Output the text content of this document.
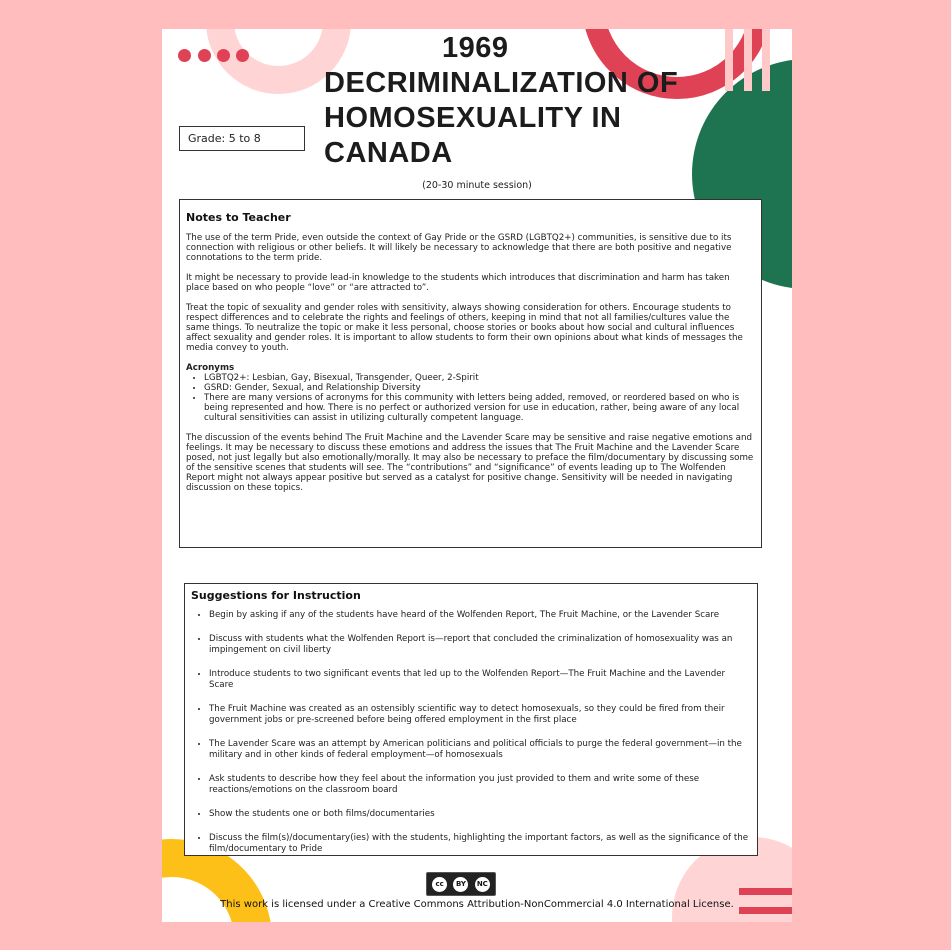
1969
DECRIMINALIZATION OF
HOMOSEXUALITY IN
CANADA
Grade: 5 to 8
(20-30 minute session)
Notes to Teacher

The use of the term Pride, even outside the context of Gay Pride or the GSRD (LGBTQ2+) communities, is sensitive due to its connection with religious or other beliefs. It will likely be necessary to acknowledge that there are both positive and negative connotations to the term pride.

It might be necessary to provide lead-in knowledge to the students which introduces that discrimination and harm has taken place based on who people “love” or “are attracted to”.

Treat the topic of sexuality and gender roles with sensitivity, always showing consideration for others. Encourage students to respect differences and to celebrate the rights and feelings of others, keeping in mind that not all families/cultures value the same things. To neutralize the topic or make it less personal, choose stories or books about how social and cultural influences affect sexuality and gender roles. It is important to allow students to form their own opinions about what kinds of messages the media convey to youth.

Acronyms
• LGBTQ2+: Lesbian, Gay, Bisexual, Transgender, Queer, 2-Spirit
• GSRD: Gender, Sexual, and Relationship Diversity
• There are many versions of acronyms for this community with letters being added, removed, or reordered based on who is being represented and how. There is no perfect or authorized version for use in education, rather, being aware of any local cultural sensitivities can assist in utilizing culturally competent language.

The discussion of the events behind The Fruit Machine and the Lavender Scare may be sensitive and raise negative emotions and feelings. It may be necessary to discuss these emotions and address the issues that The Fruit Machine and the Lavender Scare posed, not just legally but also emotionally/morally. It may also be necessary to preface the film/documentary by discussing some of the sensitive scenes that students will see. The “contributions” and “significance” of events leading up to The Wolfenden Report might not always appear positive but served as a catalyst for positive change. Sensitivity will be needed in navigating discussion on these topics.

Suggestions for Instruction
• Begin by asking if any of the students have heard of the Wolfenden Report, The Fruit Machine, or the Lavender Scare
• Discuss with students what the Wolfenden Report is—report that concluded the criminalization of homosexuality was an impingement on civil liberty
• Introduce students to two significant events that led up to the Wolfenden Report—The Fruit Machine and the Lavender Scare
• The Fruit Machine was created as an ostensibly scientific way to detect homosexuals, so they could be fired from their government jobs or pre-screened before being offered employment in the first place
• The Lavender Scare was an attempt by American politicians and political officials to purge the federal government—in the military and in other kinds of federal employment—of homosexuals
• Ask students to describe how they feel about the information you just provided to them and write some of these reactions/emotions on the classroom board
• Show the students one or both films/documentaries
• Discuss the film(s)/documentary(ies) with the students, highlighting the important factors, as well as the significance of the film/documentary to Pride
cc	BY	NC
This work is licensed under a Creative Commons Attribution-NonCommercial 4.0 International License.
